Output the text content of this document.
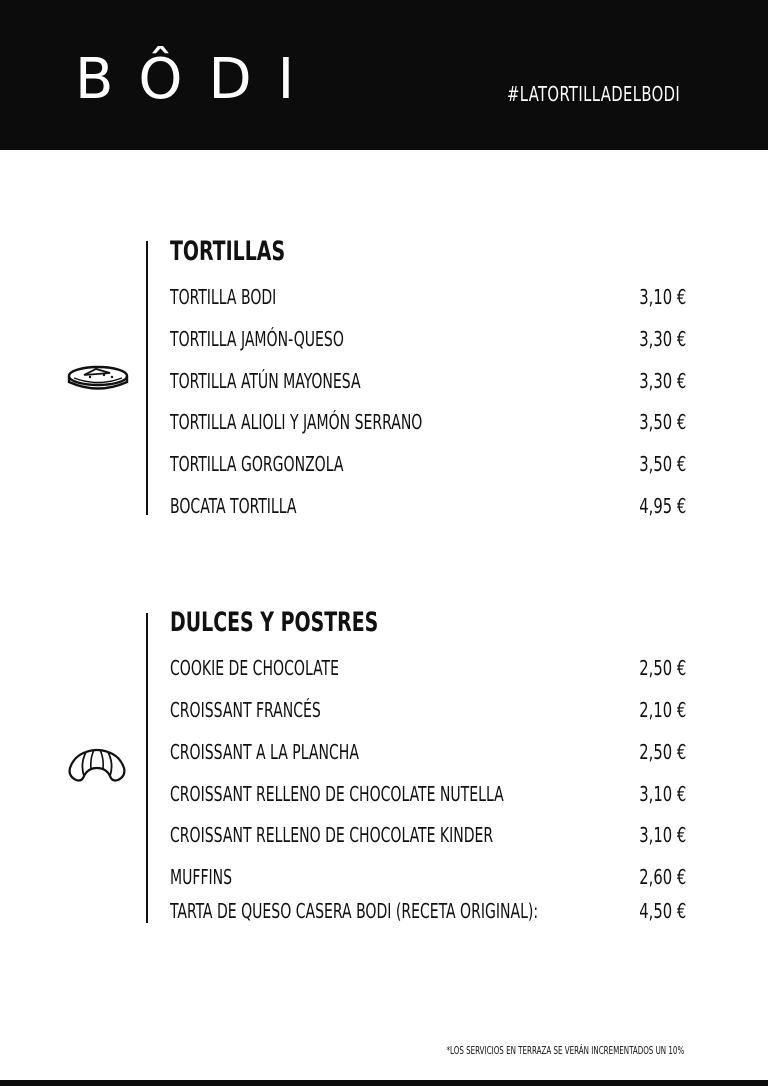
BÔDI	#LATORTILLADELBODI
TORTILLAS
TORTILLA BODI	3,10 €
TORTILLA JAMÓN-QUESO	3,30 €
TORTILLA ATÚN MAYONESA	3,30 €
TORTILLA ALIOLI Y JAMÓN SERRANO	3,50 €
TORTILLA GORGONZOLA	3,50 €
BOCATA TORTILLA	4,95 €
DULCES Y POSTRES
COOKIE DE CHOCOLATE	2,50 €
CROISSANT FRANCÉS	2,10 €
CROISSANT A LA PLANCHA	2,50 €
CROISSANT RELLENO DE CHOCOLATE NUTELLA	3,10 €
CROISSANT RELLENO DE CHOCOLATE KINDER	3,10 €
MUFFINS	2,60 €
TARTA DE QUESO CASERA BODI (RECETA ORIGINAL):	4,50 €
*LOS SERVICIOS EN TERRAZA SE VERÁN INCREMENTADOS UN 10%
